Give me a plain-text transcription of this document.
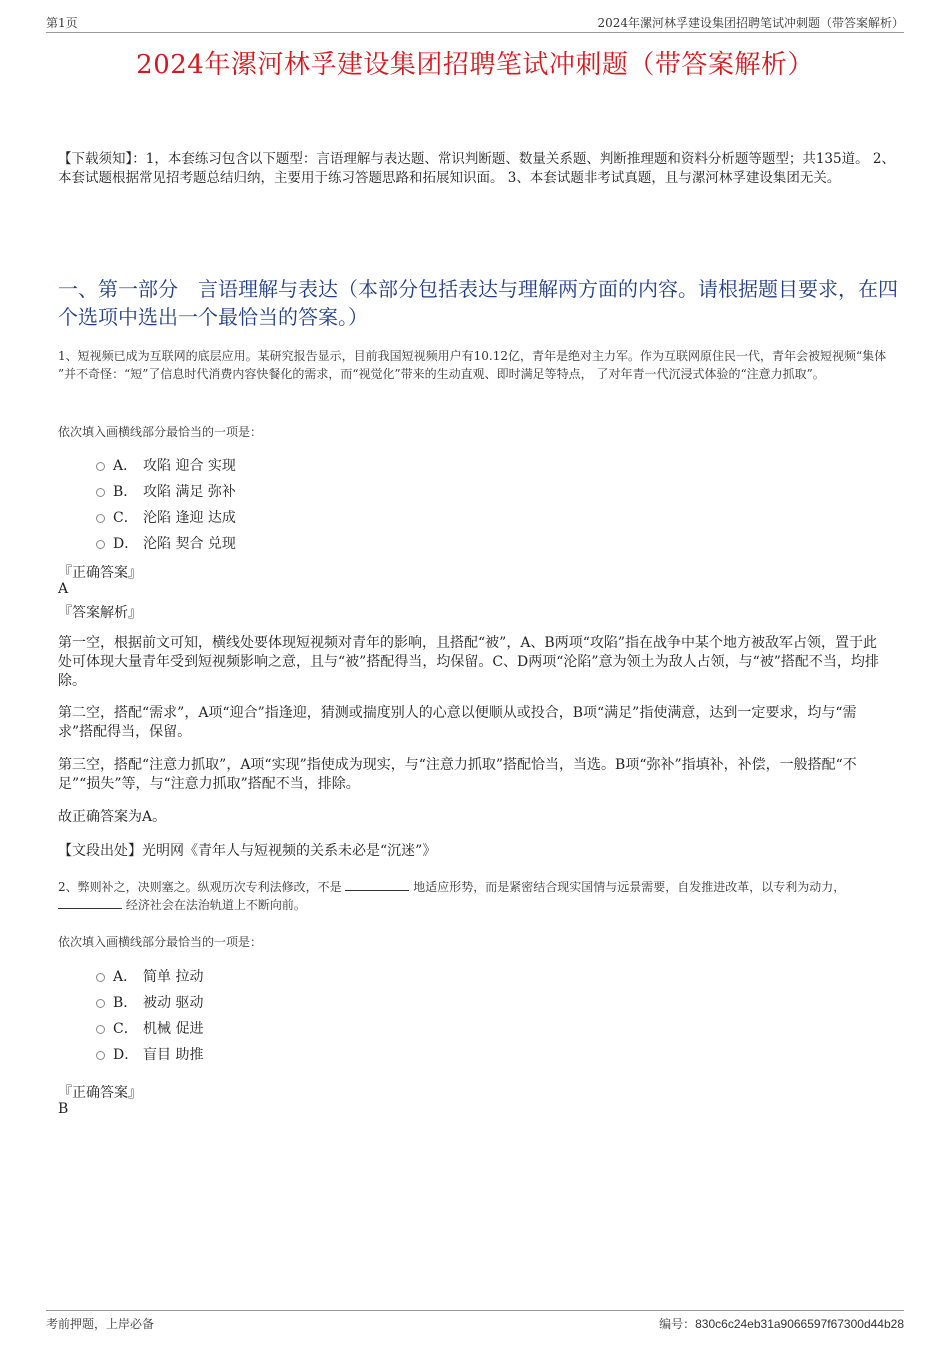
第1页	2024年漯河林孚建设集团招聘笔试冲刺题（带答案解析）
2024年漯河林孚建设集团招聘笔试冲刺题（带答案解析）
【下载须知】：1，本套练习包含以下题型：言语理解与表达题、常识判断题、数量关系题、判断推理题和资料分析题等题型；共135道。 2、本套试题根据常见招考题总结归纳，主要用于练习答题思路和拓展知识面。 3、本套试题非考试真题，且与漯河林孚建设集团无关。
一、第一部分　言语理解与表达（本部分包括表达与理解两方面的内容。请根据题目要求，在四个选项中选出一个最恰当的答案。）
1、短视频已成为互联网的底层应用。某研究报告显示，目前我国短视频用户有10.12亿，青年是绝对主力军。作为互联网原住民一代，青年会被短视频“集体 ”并不奇怪：“短”了信息时代消费内容快餐化的需求，而“视觉化”带来的生动直观、即时满足等特点， 了对年青一代沉浸式体验的“注意力抓取”。
依次填入画横线部分最恰当的一项是：
A． 攻陷 迎合 实现
B． 攻陷 满足 弥补
C． 沦陷 逢迎 达成
D． 沦陷 契合 兑现
『正确答案』
A
『答案解析』
第一空，根据前文可知，横线处要体现短视频对青年的影响，且搭配“被”，A、B两项“攻陷”指在战争中某个地方被敌军占领，置于此处可体现大量青年受到短视频影响之意，且与“被”搭配得当，均保留。C、D两项“沦陷”意为领土为敌人占领，与“被”搭配不当，均排除。
第二空，搭配“需求”，A项“迎合”指逢迎，猜测或揣度别人的心意以便顺从或投合，B项“满足”指使满意，达到一定要求，均与“需求”搭配得当，保留。
第三空，搭配“注意力抓取”，A项“实现”指使成为现实，与“注意力抓取”搭配恰当，当选。B项“弥补”指填补，补偿，一般搭配“不足”“损失”等，与“注意力抓取”搭配不当，排除。
故正确答案为A。
【文段出处】光明网《青年人与短视频的关系未必是“沉迷”》
2、弊则补之，决则塞之。纵观历次专利法修改，不是	地适应形势，而是紧密结合现实国情与远景需要，自发推进改革，以专利为动力，  经济社会在法治轨道上不断向前。
依次填入画横线部分最恰当的一项是：
A． 简单 拉动
B． 被动 驱动
C． 机械 促进
D． 盲目 助推
『正确答案』
B
考前押题，上岸必备	编号：830c6c24eb31a9066597f67300d44b28
